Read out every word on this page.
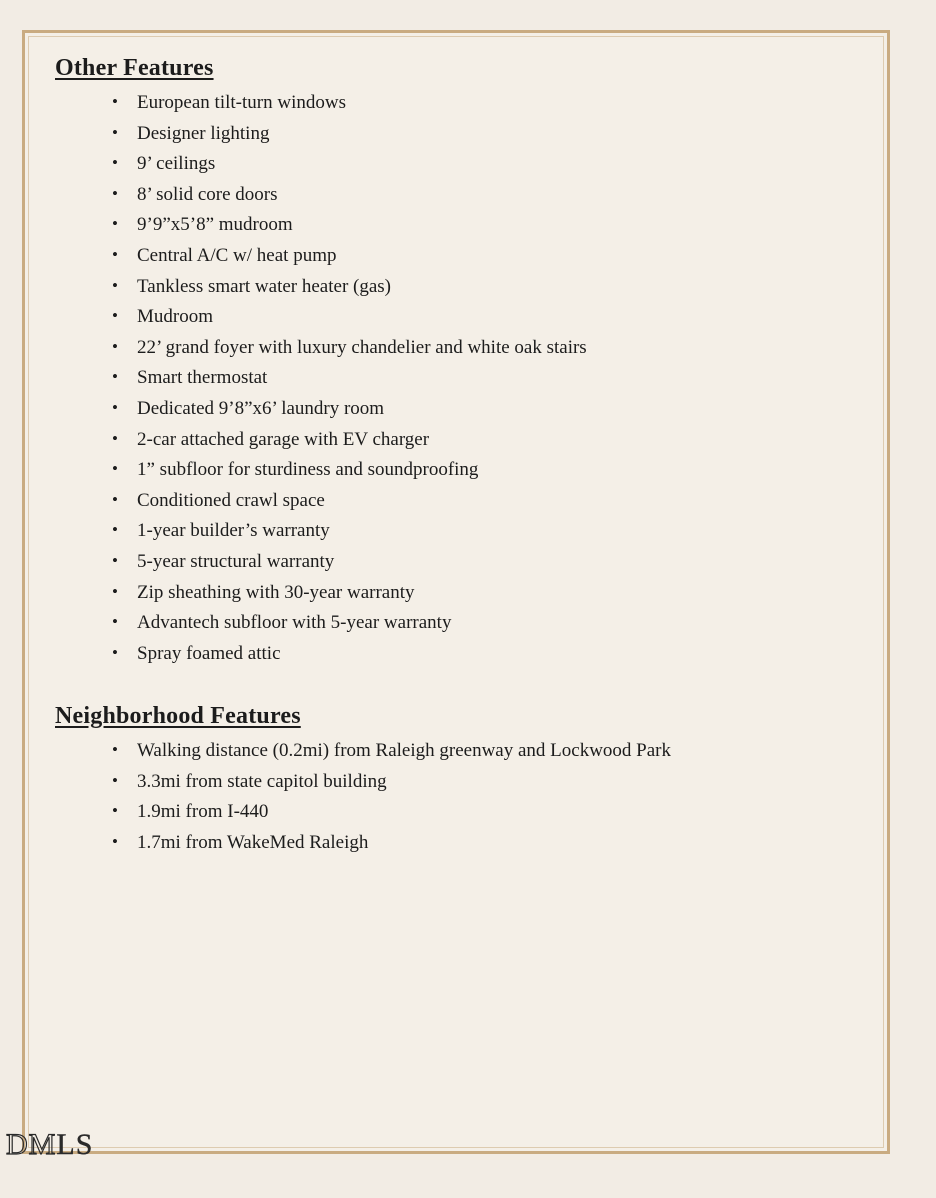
Other Features
• European tilt-turn windows
• Designer lighting
• 9’ ceilings
• 8’ solid core doors
• 9’9”x5’8” mudroom
• Central A/C w/ heat pump
• Tankless smart water heater (gas)
• Mudroom
• 22’ grand foyer with luxury chandelier and white oak stairs
• Smart thermostat
• Dedicated 9’8”x6’ laundry room
• 2-car attached garage with EV charger
• 1” subfloor for sturdiness and soundproofing
• Conditioned crawl space
• 1-year builder’s warranty
• 5-year structural warranty
• Zip sheathing with 30-year warranty
• Advantech subfloor with 5-year warranty
• Spray foamed attic
Neighborhood Features
• Walking distance (0.2mi) from Raleigh greenway and Lockwood Park
• 3.3mi from state capitol building
• 1.9mi from I-440
• 1.7mi from WakeMed Raleigh
DMLS
